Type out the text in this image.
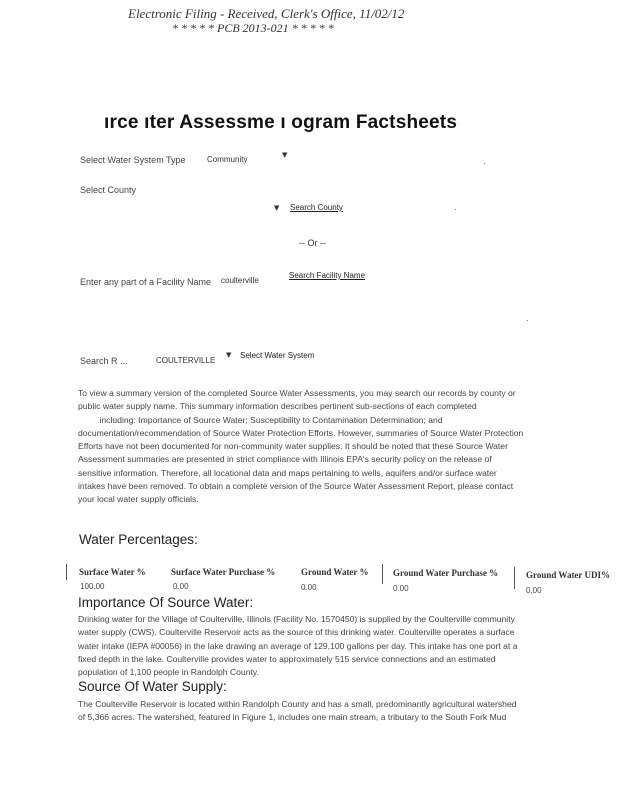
Electronic Filing - Received, Clerk's Office, 11/02/12
* * * * * PCB 2013-021 * * * * *
ırce ıter Assessme ı ogram Factsheets
Select Water System Type	Community	▼
Select County
▼ Search County
-- Or --
Enter any part of a Facility Name coulterville
Search Facility Name
Search R ...	COULTERVILLE
▼ Select Water System
To view a summary version of the completed Source Water Assessments, you may search our records by county or
public water supply name. This summary information describes pertinent sub-sections of each completed
including: Importance of Source Water; Susceptibility to Contamination Determination; and
documentation/recommendation of Source Water Protection Efforts. However, summaries of Source Water Protection
Efforts have not been documented for non-community water supplies. It should be noted that these Source Water
Assessment summaries are presented in strict compliance with Illinois EPA's security policy on the release of
sensitive information. Therefore, all locational data and maps pertaining to wells, aquifers and/or surface water
intakes have been removed. To obtain a complete version of the Source Water Assessment Report, please contact
your local water supply officials.
Water Percentages:
Surface Water %	Surface Water Purchase %	Ground Water %	Ground Water Purchase %	Ground Water UDI%
100.00	0.00	0.00	0.00	0.00
Importance Of Source Water:
Drinking water for the Village of Coulterville, Illinois (Facility No. 1570450) is supplied by the Coulterville community
water supply (CWS). Coulterville Reservoir acts as the source of this drinking water. Coulterville operates a surface
water intake (IEPA #00056) in the lake drawing an average of 129,100 gallons per day. This intake has one port at a
fixed depth in the lake. Coulterville provides water to approximately 515 service connections and an estimated
population of 1,100 people in Randolph County.
Source Of Water Supply:
The Coulterville Reservoir is located within Randolph County and has a small, predominantly agricultural watershed
of 5,366 acres. The watershed, featured in Figure 1, includes one main stream, a tributary to the South Fork Mud
